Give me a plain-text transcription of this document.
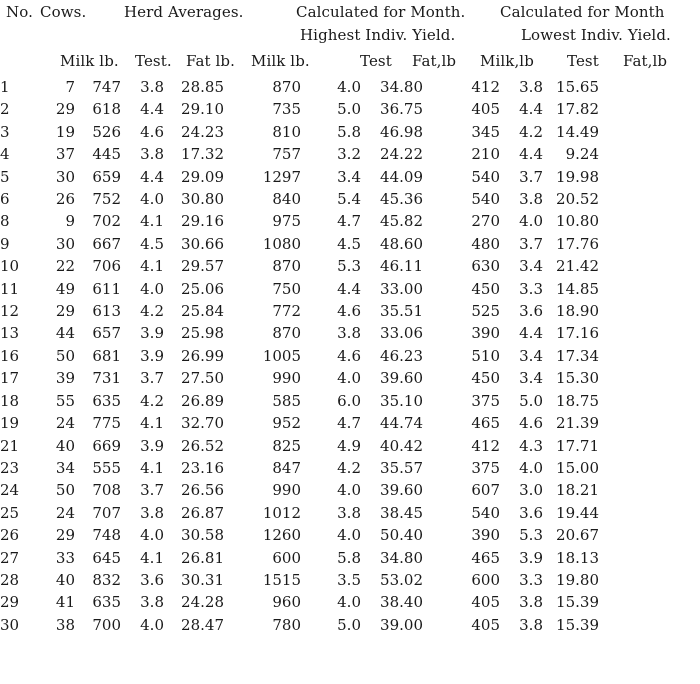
No. Cows.	Herd Averages.	Calculated for Month. Calculated for Month
Highest Indiv. Yield.	Lowest Indiv. Yield.
Milk lb. Test. Fat lb. Milk lb.	Test Fat,lb Milk,lb Test Fat,lb
1	7	747	3.8	28.85	870	4.0	34.80	412	3.8	15.65
2	29	618	4.4	29.10	735	5.0	36.75	405	4.4	17.82
3	19	526	4.6	24.23	810	5.8	46.98	345	4.2	14.49
4	37	445	3.8	17.32	757	3.2	24.22	210	4.4	9.24
5	30	659	4.4	29.09	1297	3.4	44.09	540	3.7	19.98
6	26	752	4.0	30.80	840	5.4	45.36	540	3.8	20.52
8	9	702	4.1	29.16	975	4.7	45.82	270	4.0	10.80
9	30	667	4.5	30.66	1080	4.5	48.60	480	3.7	17.76
10	22	706	4.1	29.57	870	5.3	46.11	630	3.4	21.42
11	49	611	4.0	25.06	750	4.4	33.00	450	3.3	14.85
12	29	613	4.2	25.84	772	4.6	35.51	525	3.6	18.90
13	44	657	3.9	25.98	870	3.8	33.06	390	4.4	17.16
16	50	681	3.9	26.99	1005	4.6	46.23	510	3.4	17.34
17	39	731	3.7	27.50	990	4.0	39.60	450	3.4	15.30
18	55	635	4.2	26.89	585	6.0	35.10	375	5.0	18.75
19	24	775	4.1	32.70	952	4.7	44.74	465	4.6	21.39
21	40	669	3.9	26.52	825	4.9	40.42	412	4.3	17.71
23	34	555	4.1	23.16	847	4.2	35.57	375	4.0	15.00
24	50	708	3.7	26.56	990	4.0	39.60	607	3.0	18.21
25	24	707	3.8	26.87	1012	3.8	38.45	540	3.6	19.44
26	29	748	4.0	30.58	1260	4.0	50.40	390	5.3	20.67
27	33	645	4.1	26.81	600	5.8	34.80	465	3.9	18.13
28	40	832	3.6	30.31	1515	3.5	53.02	600	3.3	19.80
29	41	635	3.8	24.28	960	4.0	38.40	405	3.8	15.39
30	38	700	4.0	28.47	780	5.0	39.00	405	3.8	15.39
